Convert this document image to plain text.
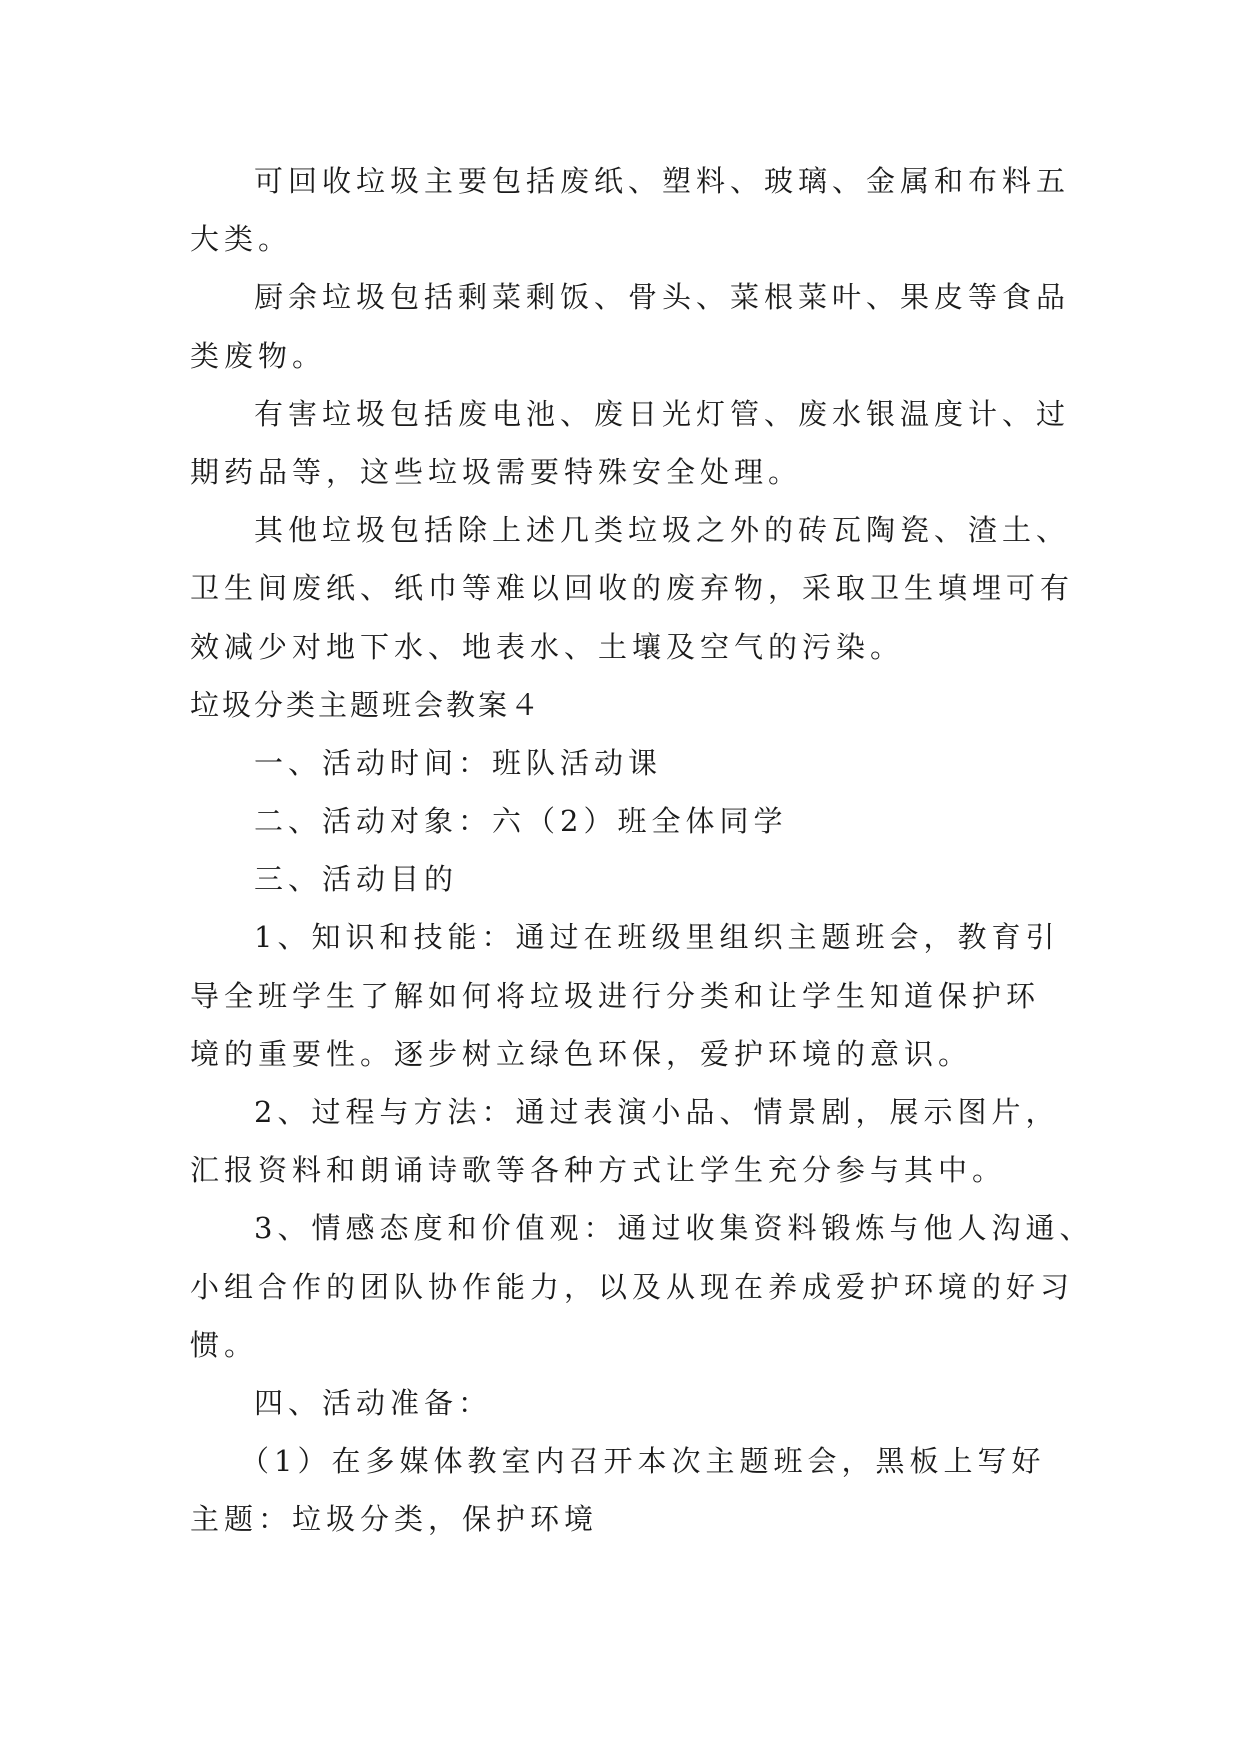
可回收垃圾主要包括废纸、塑料、玻璃、金属和布料五
大类。
厨余垃圾包括剩菜剩饭、骨头、菜根菜叶、果皮等食品
类废物。
有害垃圾包括废电池、废日光灯管、废水银温度计、过
期药品等，这些垃圾需要特殊安全处理。
其他垃圾包括除上述几类垃圾之外的砖瓦陶瓷、渣土、
卫生间废纸、纸巾等难以回收的废弃物，采取卫生填埋可有
效减少对地下水、地表水、土壤及空气的污染。
垃圾分类主题班会教案４
一、活动时间：班队活动课
二、活动对象：六（2）班全体同学
三、活动目的
1、知识和技能：通过在班级里组织主题班会，教育引
导全班学生了解如何将垃圾进行分类和让学生知道保护环
境的重要性。逐步树立绿色环保，爱护环境的意识。
2、过程与方法：通过表演小品、情景剧，展示图片，
汇报资料和朗诵诗歌等各种方式让学生充分参与其中。
3、情感态度和价值观：通过收集资料锻炼与他人沟通、
小组合作的团队协作能力，以及从现在养成爱护环境的好习
惯。
四、活动准备：
（1）在多媒体教室内召开本次主题班会，黑板上写好
主题：垃圾分类，保护环境
